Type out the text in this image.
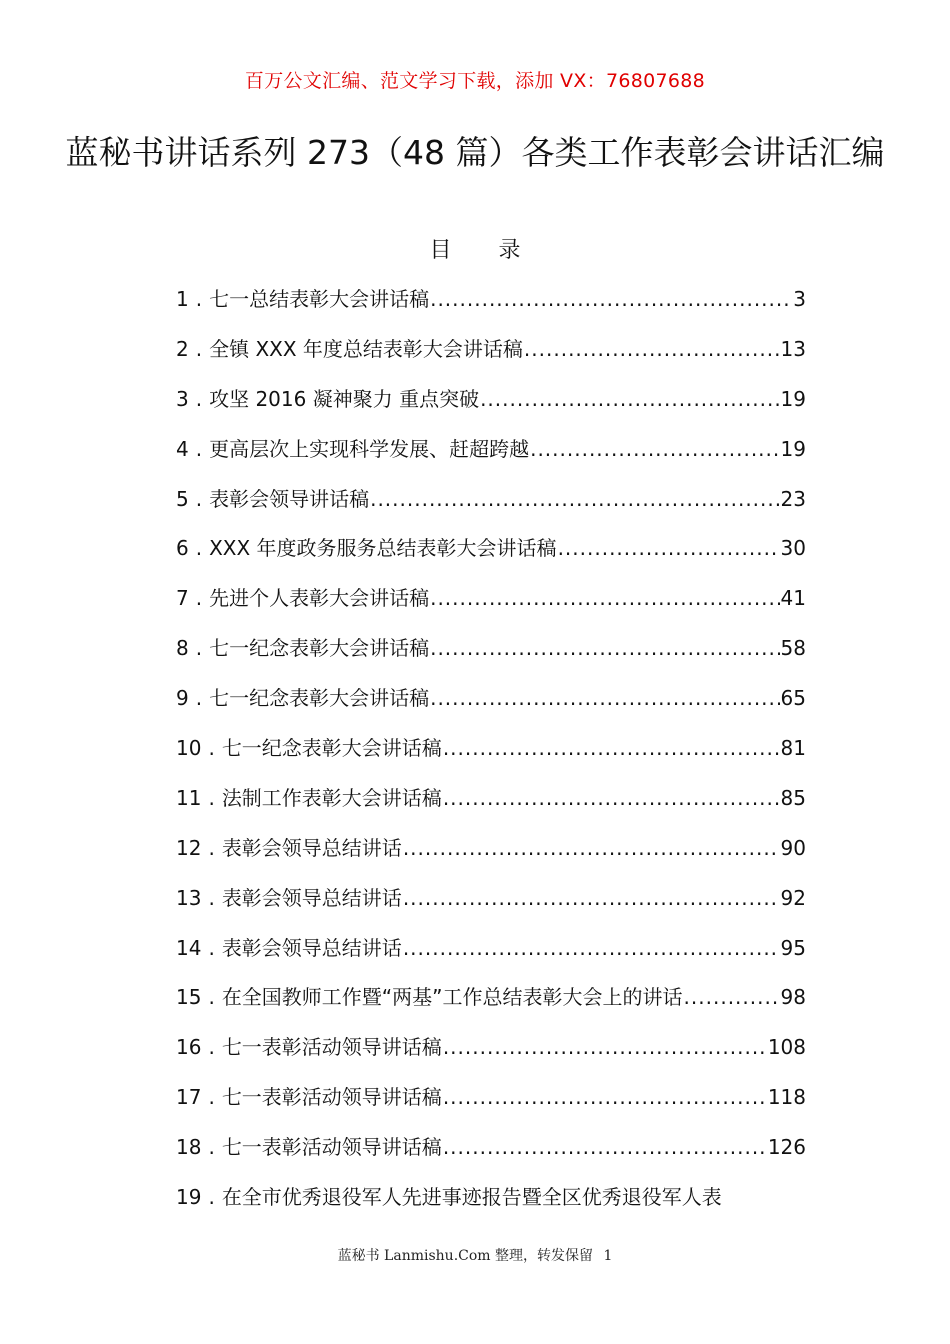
百万公文汇编、范文学习下载，添加 VX：76807688
蓝秘书讲话系列 273（48 篇）各类工作表彰会讲话汇编
目 录
1 . 七一总结表彰大会讲话稿 .....	3
2 . 全镇 XXX 年度总结表彰大会讲话稿 .....	13
3 . 攻坚 2016 凝神聚力 重点突破 .....	19
4 . 更高层次上实现科学发展、赶超跨越 .....	19
5 . 表彰会领导讲话稿 .....	23
6 . XXX 年度政务服务总结表彰大会讲话稿 .....	30
7 . 先进个人表彰大会讲话稿 .....	41
8 . 七一纪念表彰大会讲话稿 .....	58
9 . 七一纪念表彰大会讲话稿 .....	65
10 . 七一纪念表彰大会讲话稿 .....	81
11 . 法制工作表彰大会讲话稿 .....	85
12 . 表彰会领导总结讲话 .....	90
13 . 表彰会领导总结讲话 .....	92
14 . 表彰会领导总结讲话 .....	95
15 . 在全国教师工作暨“两基”工作总结表彰大会上的讲话 .....	98
16 . 七一表彰活动领导讲话稿 .....	108
17 . 七一表彰活动领导讲话稿 .....	118
18 . 七一表彰活动领导讲话稿 .....	126
19 . 在全市优秀退役军人先进事迹报告暨全区优秀退役军人表
蓝秘书 Lanmishu.Com 整理，转发保留 1
